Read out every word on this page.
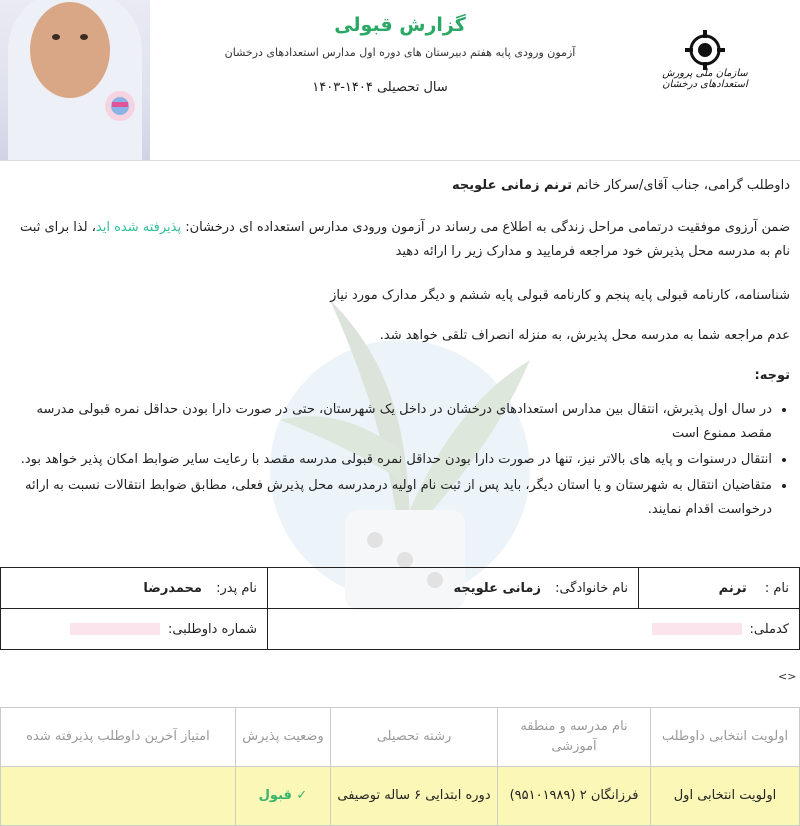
گزارش قبولی
آزمون ورودی پایه هفتم دبیرستان های دوره اول مدارس استعدادهای درخشان
سال تحصیلی ۱۴۰۴-۱۴۰۳
سازمان ملی پرورش استعدادهای درخشان
داوطلب گرامی، جناب آقای/سرکار خانم ترنم زمانی علویجه
ضمن آرزوی موفقیت درتمامی مراحل زندگی به اطلاع می رساند در آزمون ورودی مدارس استعداده ای درخشان: پذیرفته شده اید، لذا برای ثبت نام به مدرسه محل پذیرش خود مراجعه فرمایید و مدارک زیر را ارائه دهید
شناسنامه، کارنامه قبولی پایه پنجم و کارنامه قبولی پایه ششم و دیگر مدارک مورد نیاز
عدم مراجعه شما به مدرسه محل پذیرش، به منزله انصراف تلقی خواهد شد.
توجه:
• در سال اول پذیرش، انتقال بین مدارس استعدادهای درخشان در داخل یک شهرستان، حتی در صورت دارا بودن حداقل نمره قبولی مدرسه مقصد ممنوع است
• انتقال درسنوات و پایه های بالاتر نیز، تنها در صورت دارا بودن حداقل نمره قبولی مدرسه مقصد با رعایت سایر ضوابط امکان پذیر خواهد بود.
• متقاضیان انتقال به شهرستان و یا استان دیگر، باید پس از ثبت نام اولیه درمدرسه محل پذیرش فعلی، مطابق ضوابط انتقالات نسبت به ارائه درخواست اقدام نمایند.
نام : ترنم	نام خانوادگی: زمانی علویجه	نام پدر: محمدرضا
کدملی:		شماره داوطلبی:
<>
اولویت انتخابی داوطلب	نام مدرسه و منطقه آموزشی	رشته تحصیلی	وضعیت پذیرش	امتیاز آخرین داوطلب پذیرفته شده
اولویت انتخابی اول	فرزانگان ۲ (۹۵۱۰۱۹۸۹)	دوره ابتدایی ۶ ساله توصیفی	✓ قبول	
